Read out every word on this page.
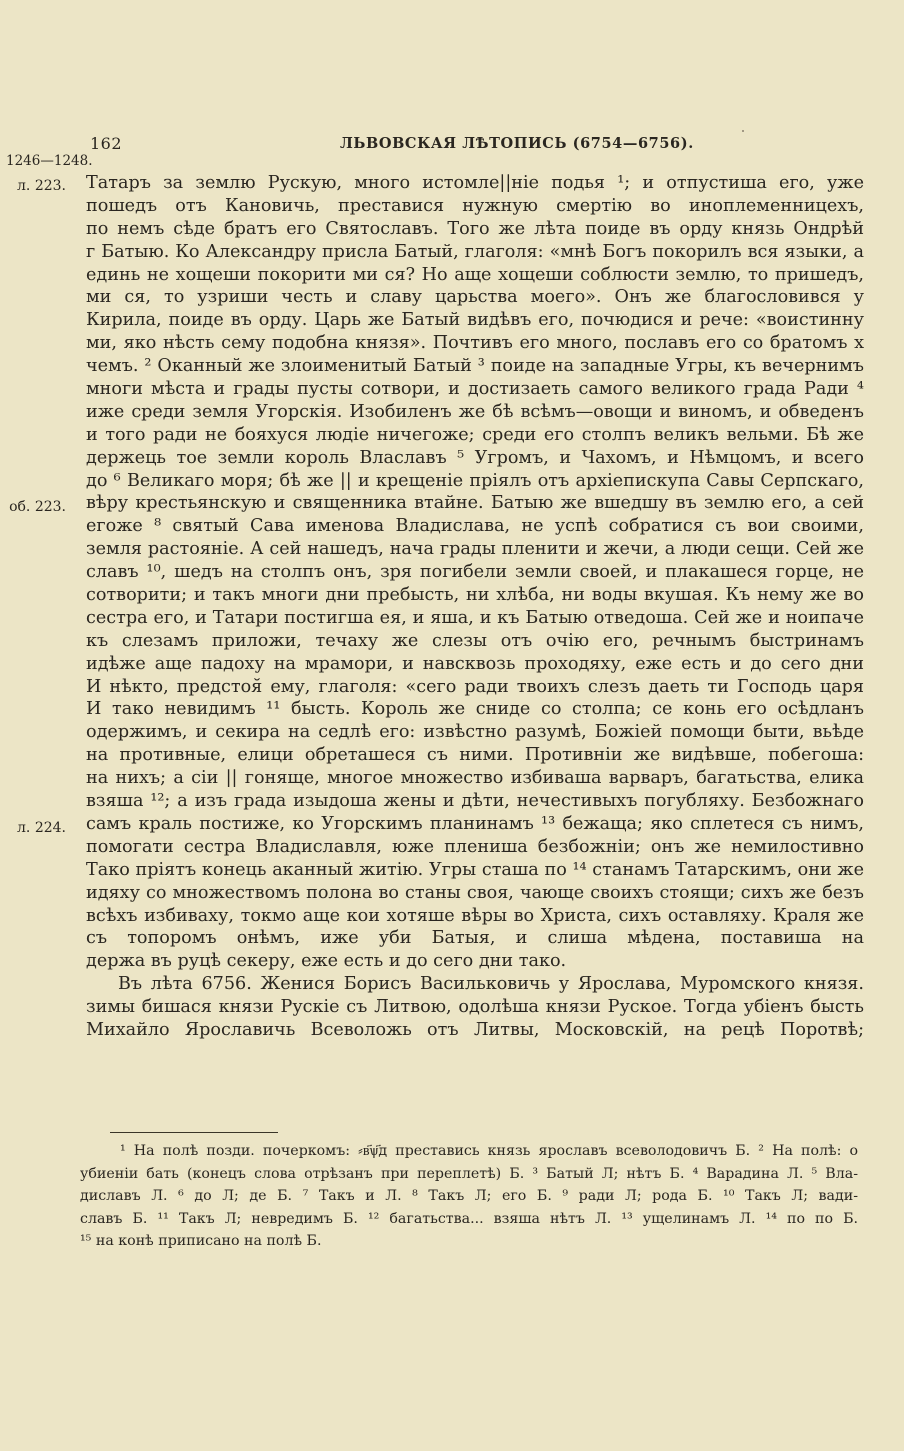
162	ЛЬВОВСКАЯ ЛѢТОПИСЬ (6754—6756).
1246—1248.
л. 223.
об. 223.
л. 224.
Татаръ за землю Рускую, много истомле||ніе подья ¹; и отпустиша его, уже
пошедъ отъ Кановичь, преставися нужную смертію во иноплеменницехъ,
по немъ сѣде братъ его Святославъ. Того же лѣта поиде въ орду князь Ондрѣй
г Батыю. Ко Александру присла Батый, глаголя: «мнѣ Богъ покорилъ вся языки, а
единь не хощеши покорити ми ся? Но аще хощеши соблюсти землю, то пришедъ,
ми ся, то узриши честь и славу царьства моего». Онъ же благословився у
Кирила, поиде въ орду. Царь же Батый видѣвъ его, почюдися и рече: «воистинну
ми, яко нѣсть сему подобна князя». Почтивъ его много, пославъ его со братомъ х
чемъ. ² Оканный же злоименитый Батый ³ поиде на западные Угры, къ вечернимъ
многи мѣста и грады пусты сотвори, и достизаеть самого великого града Ради ⁴
иже среди земля Угорскія. Изобиленъ же бѣ всѣмъ—овощи и виномъ, и обведенъ
и того ради не бояхуся людіе ничегоже; среди его столпъ великъ вельми. Бѣ же
держець тое земли король Влаславъ ⁵ Угромъ, и Чахомъ, и Нѣмцомъ, и всего
до ⁶ Великаго моря; бѣ же || и крещеніе пріялъ отъ архіепискупа Савы Серпскаго,
вѣру крестьянскую и священника втайне. Батыю же вшедшу въ землю его, а сей
егоже ⁸ святый Сава именова Владислава, не успѣ собратися съ вои своими,
земля растояніе. А сей нашедъ, нача грады пленити и жечи, а люди сещи. Сей же
славъ ¹⁰, шедъ на столпъ онъ, зря погибели земли своей, и плакашеся горце, не
сотворити; и такъ многи дни пребысть, ни хлѣба, ни воды вкушая. Къ нему же во
сестра его, и Татари постигша ея, и яша, и къ Батыю отведоша. Сей же и ноипаче
къ слезамъ приложи, течаху же слезы отъ очію его, речнымъ быстринамъ
идѣже аще падоху на мрамори, и навсквозь проходяху, еже есть и до сего дни
И нѣкто, предстоя̆ ему, глаголя: «сего ради твоихъ слезъ даеть ти Господь царя
И тако невидимъ ¹¹ бысть. Король же сниде со столпа; се конь его осѣдланъ
одержимъ, и секира на седлѣ его: извѣстно разумѣ, Божіей помощи быти, вьѣде
на противные, елици обреташеся съ ними. Противніи же видѣвше, побегоша:
на нихъ; а сіи || гоняще, многое множество избиваша варваръ, багатьства, елика
взяша ¹²; а изъ града изыдоша жены и дѣти, нечестивыхъ погубляху. Безбожнаго
самъ краль постиже, ко Угорскимъ планинамъ ¹³ бежаща; яко сплетеся съ нимъ,
помогати сестра Владиславля, юже плениша безбожніи; онъ же немилостивно
Тако пріятъ конець аканный житію. Угры сташа по ¹⁴ станамъ Татарскимъ, они же
идяху со множествомъ полона во станы своя, чающе своихъ стоящи; сихъ же безъ
всѣхъ избиваху, токмо аще кои хотяше вѣры во Христа, сихъ оставляху. Краля же
съ топоромъ онѣмъ, иже уби Батыя, и слиша мѣдена, поставиша на
держа въ руцѣ секеру, еже есть и до сего дни тако.
Въ лѣта 6756. Женися Борисъ Васильковичь у Ярослава, Муромского князя.
зимы бишася князи Рускіе съ Литвою, одолѣша князи Руское. Тогда убіенъ бысть
Михайло Ярославичь Всеволожь отъ Литвы, Московскій, на рецѣ Поротвѣ;
¹ На полѣ позди. почеркомъ: ⸗в҃ѱ҃д преставись князь ярославъ всеволодовичъ Б. ² На полѣ: о
убиеніи бать (конецъ слова отрѣзанъ при переплетѣ) Б. ³ Батый Л; нѣтъ Б. ⁴ Варадина Л. ⁵ Вла-
диславъ Л. ⁶ до Л; де Б. ⁷ Такъ и Л. ⁸ Такъ Л; его Б. ⁹ ради Л; рода Б. ¹⁰ Такъ Л; вади-
славъ Б. ¹¹ Такъ Л; невредимъ Б. ¹² багатьства... взяша нѣтъ Л. ¹³ ущелинамъ Л. ¹⁴ по по Б.
¹⁵ на конѣ приписано на полѣ Б.
